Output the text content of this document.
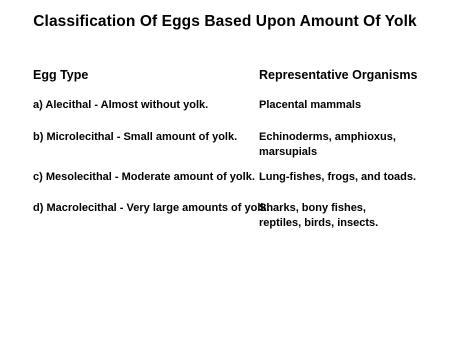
Classification Of Eggs Based Upon Amount Of Yolk
Egg Type	Representative Organisms
a) Alecithal - Almost without yolk.	Placental mammals
b) Microlecithal - Small amount of yolk. Echinoderms, amphioxus,
marsupials
c) Mesolecithal - Moderate amount of yolk. Lung-fishes, frogs, and toads.
d) Macrolecithal - Very large amounts of yolk.
Sharks, bony fishes,
reptiles, birds, insects.
